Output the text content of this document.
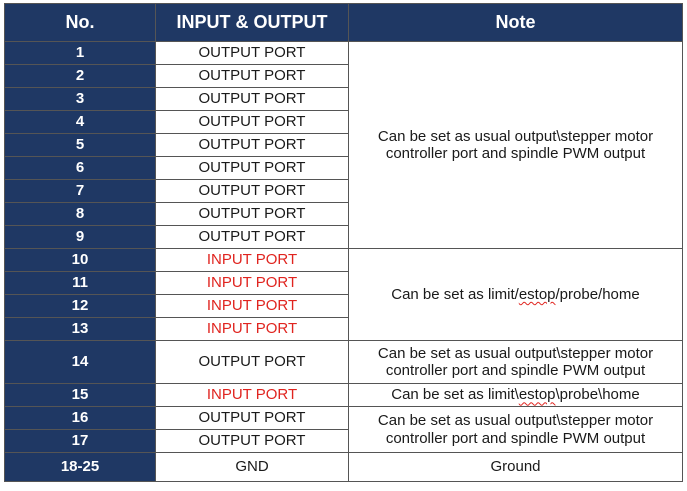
No.	INPUT & OUTPUT	Note
1	OUTPUT PORT	Can be set as usual output\stepper motor
controller port and spindle PWM output
2	OUTPUT PORT	
3	OUTPUT PORT	
4	OUTPUT PORT	
5	OUTPUT PORT	
6	OUTPUT PORT	
7	OUTPUT PORT	
8	OUTPUT PORT	
9	OUTPUT PORT	
10	INPUT PORT	Can be set as limit/estop/probe/home
11	INPUT PORT	
12	INPUT PORT	
13	INPUT PORT	
14	OUTPUT PORT	Can be set as usual output\stepper motor
controller port and spindle PWM output
15	INPUT PORT	Can be set as limit\estop\probe\home
16	OUTPUT PORT	Can be set as usual output\stepper motor
controller port and spindle PWM output
17	OUTPUT PORT	
18-25	GND	Ground
